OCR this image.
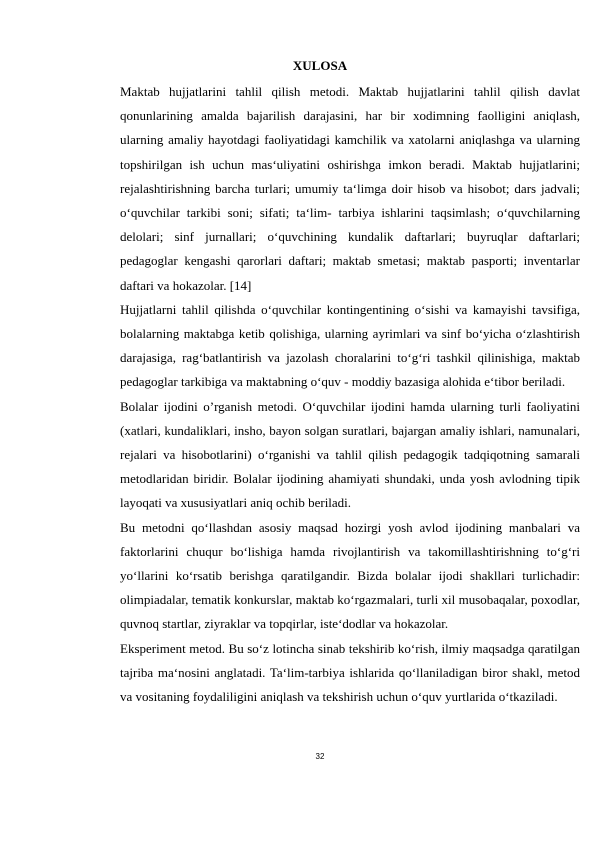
XULOSA

Maktab hujjatlarini tahlil qilish metodi. Maktab hujjatlarini tahlil qilish davlat qonunlarining amalda bajarilish darajasini, har bir xodimning faolligini aniqlash, ularning amaliy hayotdagi faoliyatidagi kamchilik va xatolarni aniqlashga va ularning topshirilgan ish uchun mas‘uliyatini oshirishga imkon beradi. Maktab hujjatlarini; rejalashtirishning barcha turlari; umumiy ta‘limga doir hisob va hisobot; dars jadvali; o‘quvchilar tarkibi soni; sifati; ta‘lim- tarbiya ishlarini taqsimlash; o‘quvchilarning delolari; sinf jurnallari; o‘quvchining kundalik daftarlari; buyruqlar daftarlari; pedagoglar kengashi qarorlari daftari; maktab smetasi; maktab pasporti; inventarlar daftari va hokazolar. [14]

Hujjatlarni tahlil qilishda o‘quvchilar kontingentining o‘sishi va kamayishi tavsifiga, bolalarning maktabga ketib qolishiga, ularning ayrimlari va sinf bo‘yicha o‘zlashtirish darajasiga, rag‘batlantirish va jazolash choralarini to‘g‘ri tashkil qilinishiga, maktab pedagoglar tarkibiga va maktabning o‘quv - moddiy bazasiga alohida e‘tibor beriladi.

Bolalar ijodini o’rganish metodi. O‘quvchilar ijodini hamda ularning turli faoliyatini (xatlari, kundaliklari, insho, bayon solgan suratlari, bajargan amaliy ishlari, namunalari, rejalari va hisobotlarini) o‘rganishi va tahlil qilish pedagogik tadqiqotning samarali metodlaridan biridir. Bolalar ijodining ahamiyati shundaki, unda yosh avlodning tipik layoqati va xususiyatlari aniq ochib beriladi.

Bu metodni qo‘llashdan asosiy maqsad hozirgi yosh avlod ijodining manbalari va faktorlarini chuqur bo‘lishiga hamda rivojlantirish va takomillashtirishning to‘g‘ri yo‘llarini ko‘rsatib berishga qaratilgandir. Bizda bolalar ijodi shakllari turlichadir: olimpiadalar, tematik konkurslar, maktab ko‘rgazmalari, turli xil musobaqalar, poxodlar, quvnoq startlar, ziyraklar va topqirlar, iste‘dodlar va hokazolar.

Eksperiment metod. Bu so‘z lotincha sinab tekshirib ko‘rish, ilmiy maqsadga qaratilgan tajriba ma‘nosini anglatadi. Ta‘lim-tarbiya ishlarida qo‘llaniladigan biror shakl, metod va vositaning foydaliligini aniqlash va tekshirish uchun o‘quv yurtlarida o‘tkaziladi.

32
